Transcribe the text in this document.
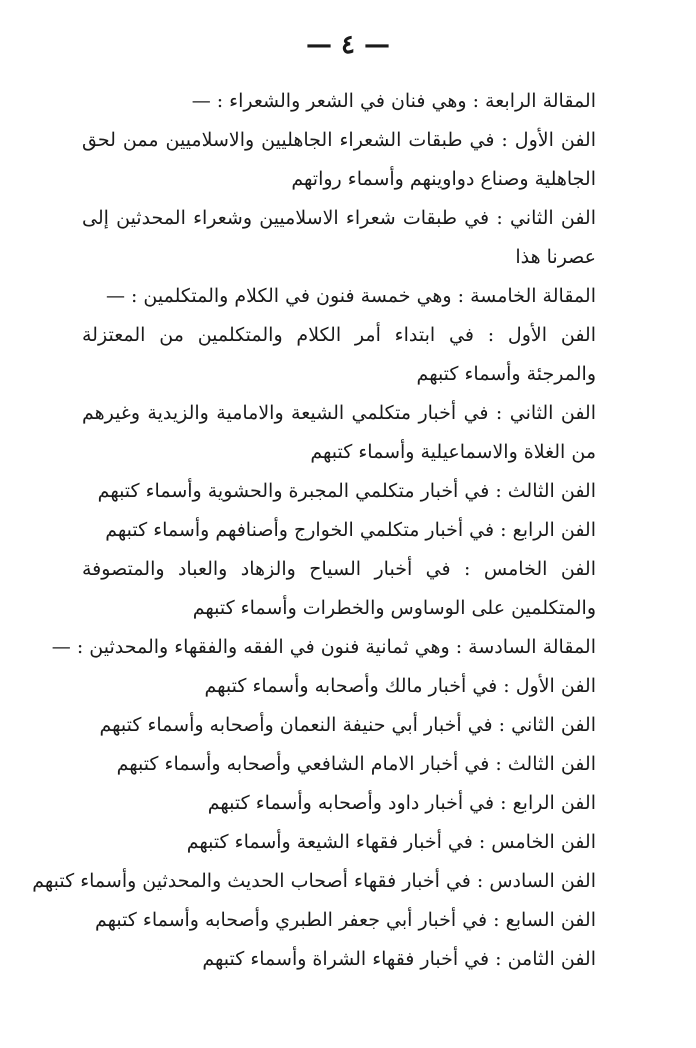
— ٤ —
المقالة الرابعة : وهي فنان في الشعر والشعراء : —
الفن الأول : في طبقات الشعراء الجاهليين والاسلاميين ممن لحق الجاهلية وصناع دواوينهم وأسماء رواتهم
الفن الثاني : في طبقات شعراء الاسلاميين وشعراء المحدثين إلى عصرنا هذا
المقالة الخامسة : وهي خمسة فنون في الكلام والمتكلمين : —
الفن الأول : في ابتداء أمر الكلام والمتكلمين من المعتزلة والمرجئة وأسماء كتبهم
الفن الثاني : في أخبار متكلمي الشيعة والامامية والزيدية وغيرهم من الغلاة والاسماعيلية وأسماء كتبهم
الفن الثالث : في أخبار متكلمي المجبرة والحشوية وأسماء كتبهم
الفن الرابع : في أخبار متكلمي الخوارج وأصنافهم وأسماء كتبهم
الفن الخامس : في أخبار السياح والزهاد والعباد والمتصوفة والمتكلمين على الوساوس والخطرات وأسماء كتبهم
المقالة السادسة : وهي ثمانية فنون في الفقه والفقهاء والمحدثين : —
الفن الأول : في أخبار مالك وأصحابه وأسماء كتبهم
الفن الثاني : في أخبار أبي حنيفة النعمان وأصحابه وأسماء كتبهم
الفن الثالث : في أخبار الامام الشافعي وأصحابه وأسماء كتبهم
الفن الرابع : في أخبار داود وأصحابه وأسماء كتبهم
الفن الخامس : في أخبار فقهاء الشيعة وأسماء كتبهم
الفن السادس : في أخبار فقهاء أصحاب الحديث والمحدثين وأسماء كتبهم
الفن السابع : في أخبار أبي جعفر الطبري وأصحابه وأسماء كتبهم
الفن الثامن : في أخبار فقهاء الشراة وأسماء كتبهم
